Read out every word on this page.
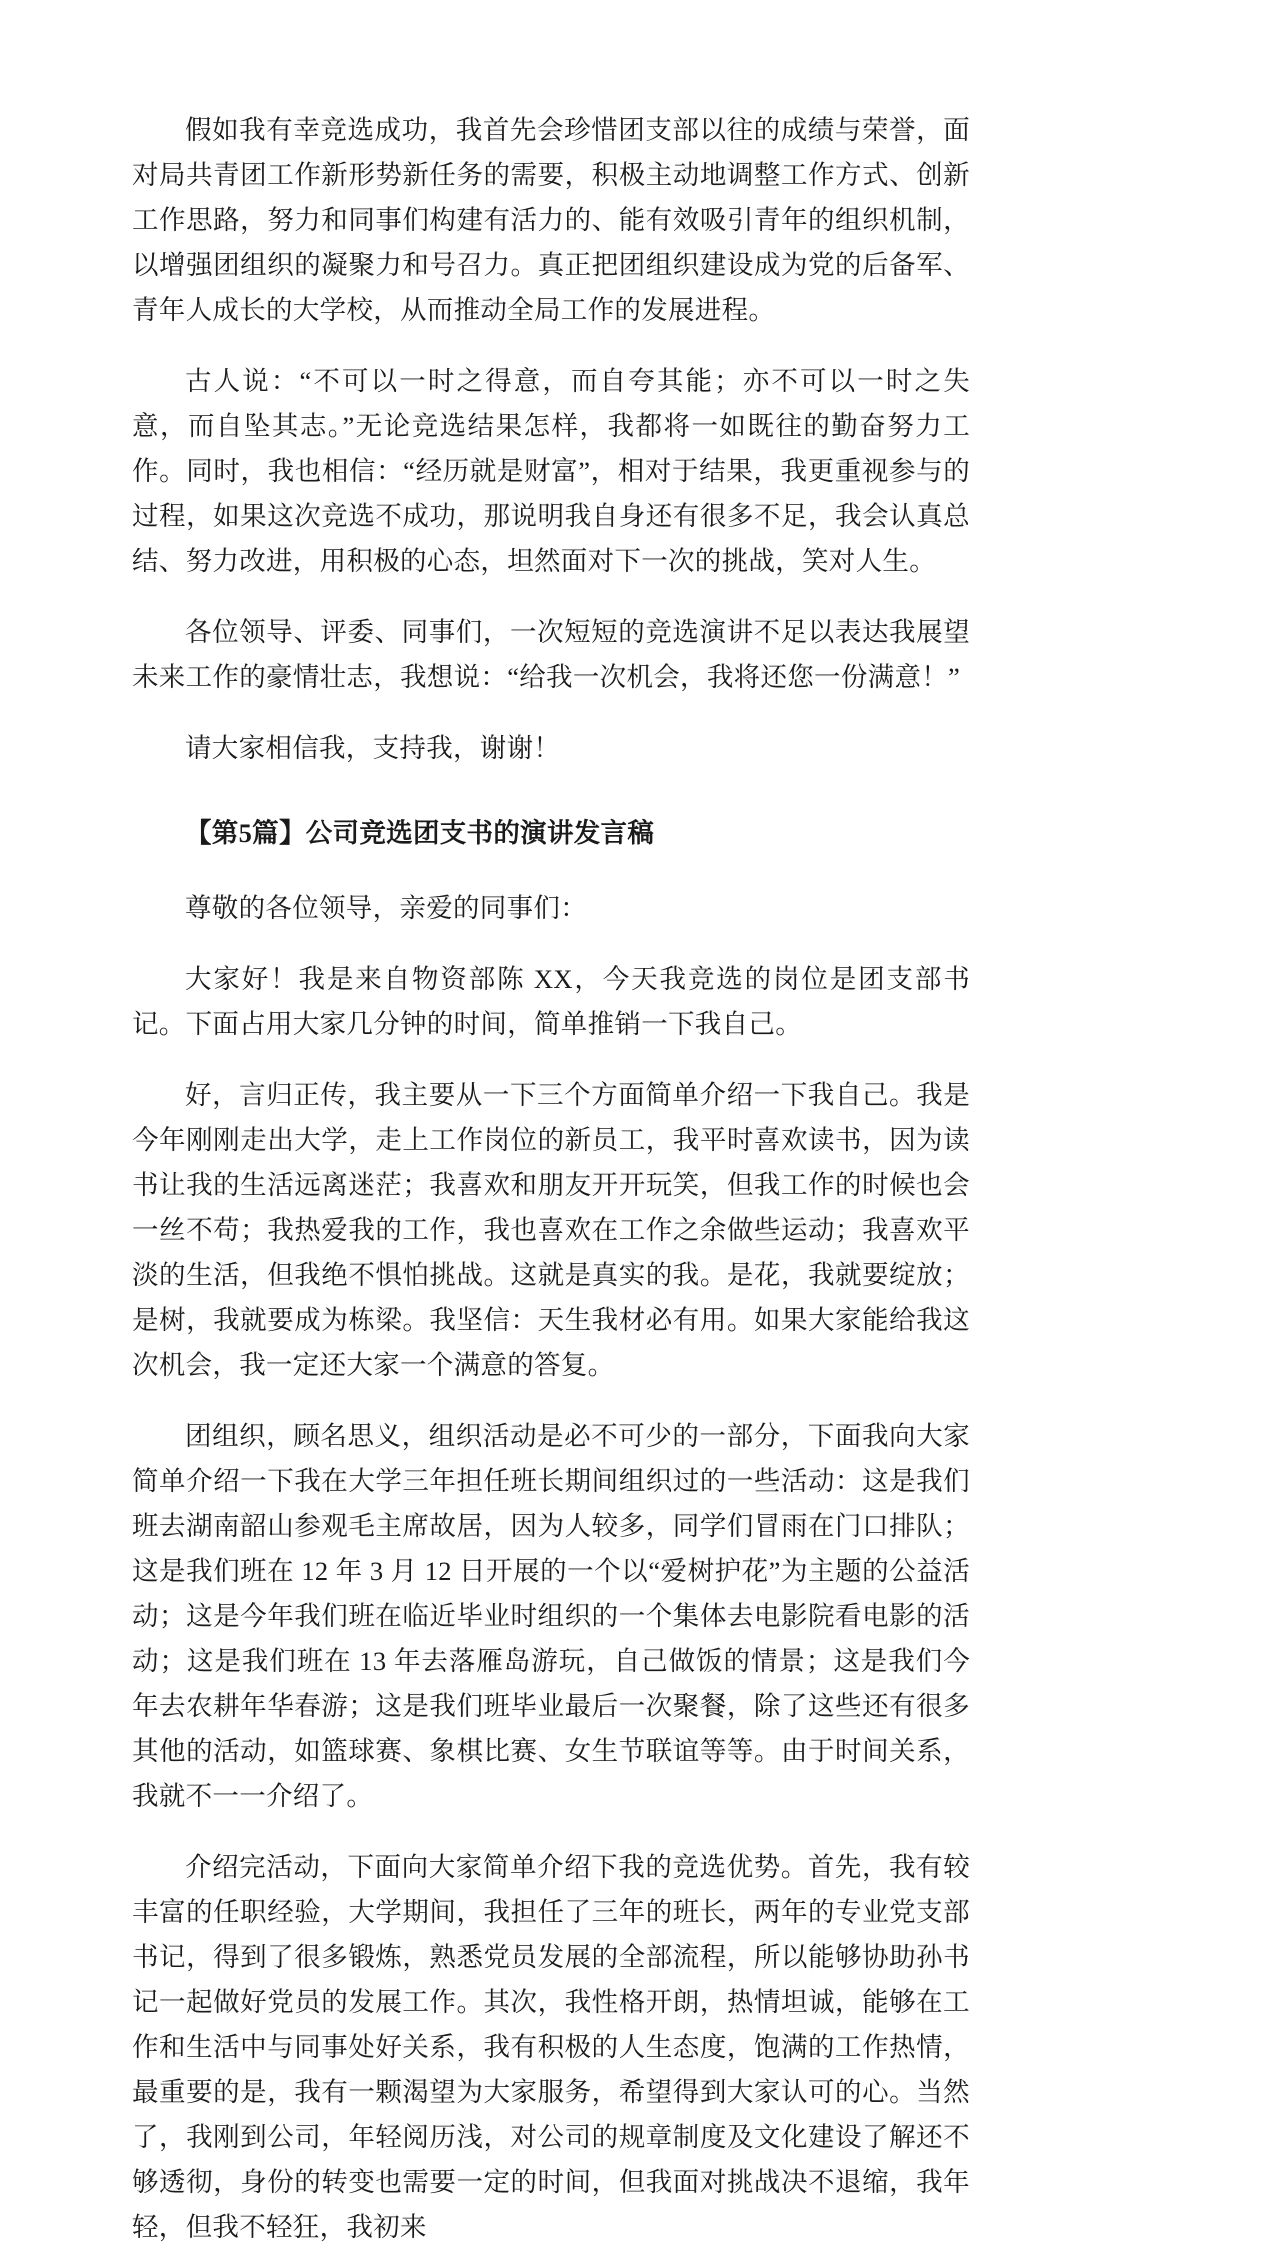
假如我有幸竞选成功，我首先会珍惜团支部以往的成绩与荣誉，面对局共青团工作新形势新任务的需要，积极主动地调整工作方式、创新工作思路，努力和同事们构建有活力的、能有效吸引青年的组织机制，以增强团组织的凝聚力和号召力。真正把团组织建设成为党的后备军、青年人成长的大学校，从而推动全局工作的发展进程。

古人说：“不可以一时之得意，而自夸其能；亦不可以一时之失意，而自坠其志。”无论竞选结果怎样，我都将一如既往的勤奋努力工作。同时，我也相信：“经历就是财富”，相对于结果，我更重视参与的过程，如果这次竞选不成功，那说明我自身还有很多不足，我会认真总结、努力改进，用积极的心态，坦然面对下一次的挑战，笑对人生。

各位领导、评委、同事们，一次短短的竞选演讲不足以表达我展望未来工作的豪情壮志，我想说：“给我一次机会，我将还您一份满意！”

请大家相信我，支持我，谢谢！

【第5篇】公司竞选团支书的演讲发言稿

尊敬的各位领导，亲爱的同事们：

大家好！我是来自物资部陈 XX，今天我竞选的岗位是团支部书记。下面占用大家几分钟的时间，简单推销一下我自己。

好，言归正传，我主要从一下三个方面简单介绍一下我自己。我是今年刚刚走出大学，走上工作岗位的新员工，我平时喜欢读书，因为读书让我的生活远离迷茫；我喜欢和朋友开开玩笑，但我工作的时候也会一丝不苟；我热爱我的工作，我也喜欢在工作之余做些运动；我喜欢平淡的生活，但我绝不惧怕挑战。这就是真实的我。是花，我就要绽放；是树，我就要成为栋梁。我坚信：天生我材必有用。如果大家能给我这次机会，我一定还大家一个满意的答复。

团组织，顾名思义，组织活动是必不可少的一部分，下面我向大家简单介绍一下我在大学三年担任班长期间组织过的一些活动：这是我们班去湖南韶山参观毛主席故居，因为人较多，同学们冒雨在门口排队；这是我们班在 12 年 3 月 12 日开展的一个以“爱树护花”为主题的公益活动；这是今年我们班在临近毕业时组织的一个集体去电影院看电影的活动；这是我们班在 13 年去落雁岛游玩，自己做饭的情景；这是我们今年去农耕年华春游；这是我们班毕业最后一次聚餐，除了这些还有很多其他的活动，如篮球赛、象棋比赛、女生节联谊等等。由于时间关系，我就不一一介绍了。

介绍完活动，下面向大家简单介绍下我的竞选优势。首先，我有较丰富的任职经验，大学期间，我担任了三年的班长，两年的专业党支部书记，得到了很多锻炼，熟悉党员发展的全部流程，所以能够协助孙书记一起做好党员的发展工作。其次，我性格开朗，热情坦诚，能够在工作和生活中与同事处好关系，我有积极的人生态度，饱满的工作热情，最重要的是，我有一颗渴望为大家服务，希望得到大家认可的心。当然了，我刚到公司，年轻阅历浅，对公司的规章制度及文化建设了解还不够透彻，身份的转变也需要一定的时间，但我面对挑战决不退缩，我年轻，但我不轻狂，我初来
